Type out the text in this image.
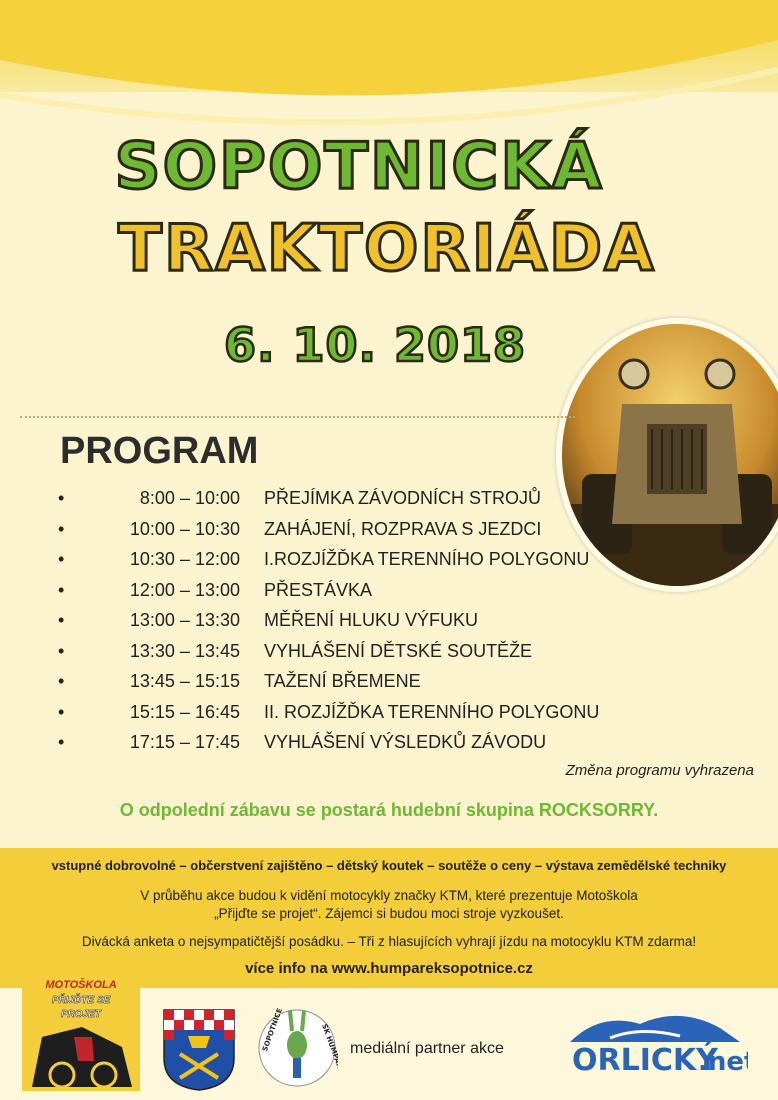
SOPOTNICKÁ
TRAKTORIÁDA
6. 10. 2018
PROGRAM
•	8:00 – 10:00 PŘEJÍMKA ZÁVODNÍCH STROJŮ
•	10:00 – 10:30 ZAHÁJENÍ, ROZPRAVA S JEZDCI
•	10:30 – 12:00 I.ROZJÍŽĎKA TERENNÍHO POLYGONU
•	12:00 – 13:00 PŘESTÁVKA
•	13:00 – 13:30 MĚŘENÍ HLUKU VÝFUKU
•	13:30 – 13:45 VYHLÁŠENÍ DĚTSKÉ SOUTĚŽE
•	13:45 – 15:15 TAŽENÍ BŘEMENE
•	15:15 – 16:45 II. ROZJÍŽĎKA TERENNÍHO POLYGONU
•	17:15 – 17:45 VYHLÁŠENÍ VÝSLEDKŮ ZÁVODU
Změna programu vyhrazena
O odpolední zábavu se postará hudební skupina ROCKSORRY.
vstupné dobrovolné – občerstvení zajištěno – dětský koutek – soutěže o ceny – výstava zemědělské techniky
V průběhu akce budou k vidění motocykly značky KTM, které prezentuje Motoškola
„Přijďte se projet“. Zájemci si budou moci stroje vyzkoušet.
Divácká anketa o nejsympatičtější posádku. – Tři z hlasujících vyhrají jízdu na motocyklu KTM zdarma!
více info na www.humpareksopotnice.cz
MOTOŠKOLA
PŘIJĎTE SE
PROJET	SOPOTNICE	SK
mediální partner akce ORLICKÝ
.ne
